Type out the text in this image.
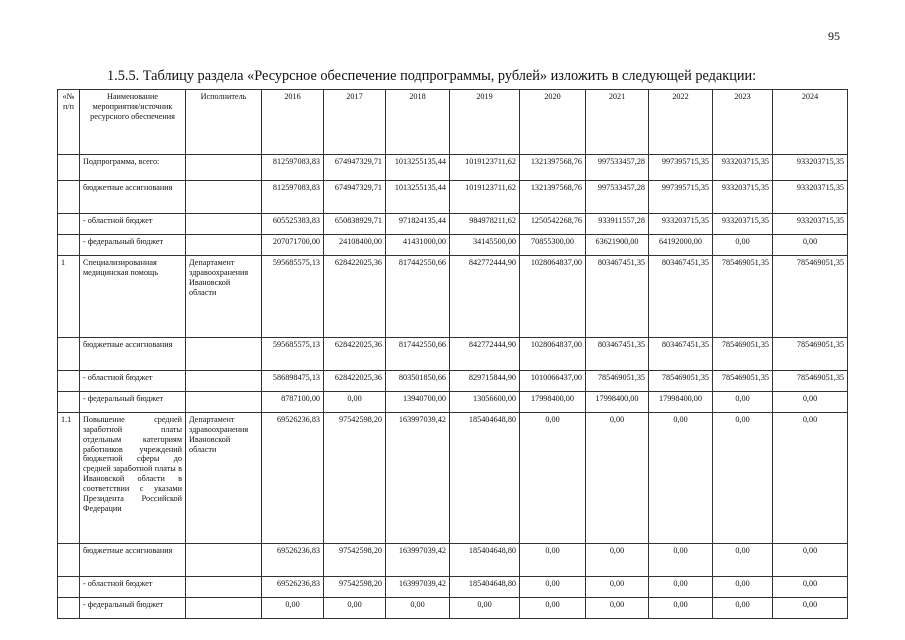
95
1.5.5. Таблицу раздела «Ресурсное обеспечение подпрограммы, рублей» изложить в следующей редакции:
«№ п/п	Наименование мероприятия/источник ресурсного обеспечения	Исполнитель	2016	2017	2018	2019	2020	2021	2022	2023	2024
	Подпрограмма, всего:		812597083,83	674947329,71	1013255135,44	1019123711,62	1321397568,76	997533457,28	997395715,35	933203715,35	933203715,35
	бюджетные ассигнования		812597083,83	674947329,71	1013255135,44	1019123711,62	1321397568,76	997533457,28	997395715,35	933203715,35	933203715,35
	- областной бюджет		605525383,83	650838929,71	971824135,44	984978211,62	1250542268,76	933911557,28	933203715,35	933203715,35	933203715,35
	- федеральный бюджет		207071700,00	24108400,00	41431000,00	34145500,00	70855300,00	63621900,00	64192000,00	0,00	0,00
1	Специализированная медицинская помощь	Департамент здравоохранения Ивановской области	595685575,13	628422025,36	817442550,66	842772444,90	1028064837,00	803467451,35	803467451,35	785469051,35	785469051,35
	бюджетные ассигнования		595685575,13	628422025,36	817442550,66	842772444,90	1028064837,00	803467451,35	803467451,35	785469051,35	785469051,35
	- областной бюджет		586898475,13	628422025,36	803501850,66	829715844,90	1010066437,00	785469051,35	785469051,35	785469051,35	785469051,35
	- федеральный бюджет		8787100,00	0,00	13940700,00	13056600,00	17998400,00	17998400,00	17998400,00	0,00	0,00
1.1	Повышение средней заработной платы отдельным категориям работников учреждений бюджетной сферы до средней заработной платы в Ивановской области в соответствии с указами Президента Российской Федерации	Департамент здравоохранения Ивановской области	69526236,83	97542598,20	163997039,42	185404648,80	0,00	0,00	0,00	0,00	0,00
	бюджетные ассигнования		69526236,83	97542598,20	163997039,42	185404648,80	0,00	0,00	0,00	0,00	0,00
	- областной бюджет		69526236,83	97542598,20	163997039,42	185404648,80	0,00	0,00	0,00	0,00	0,00
	- федеральный бюджет		0,00	0,00	0,00	0,00	0,00	0,00	0,00	0,00	0,00
